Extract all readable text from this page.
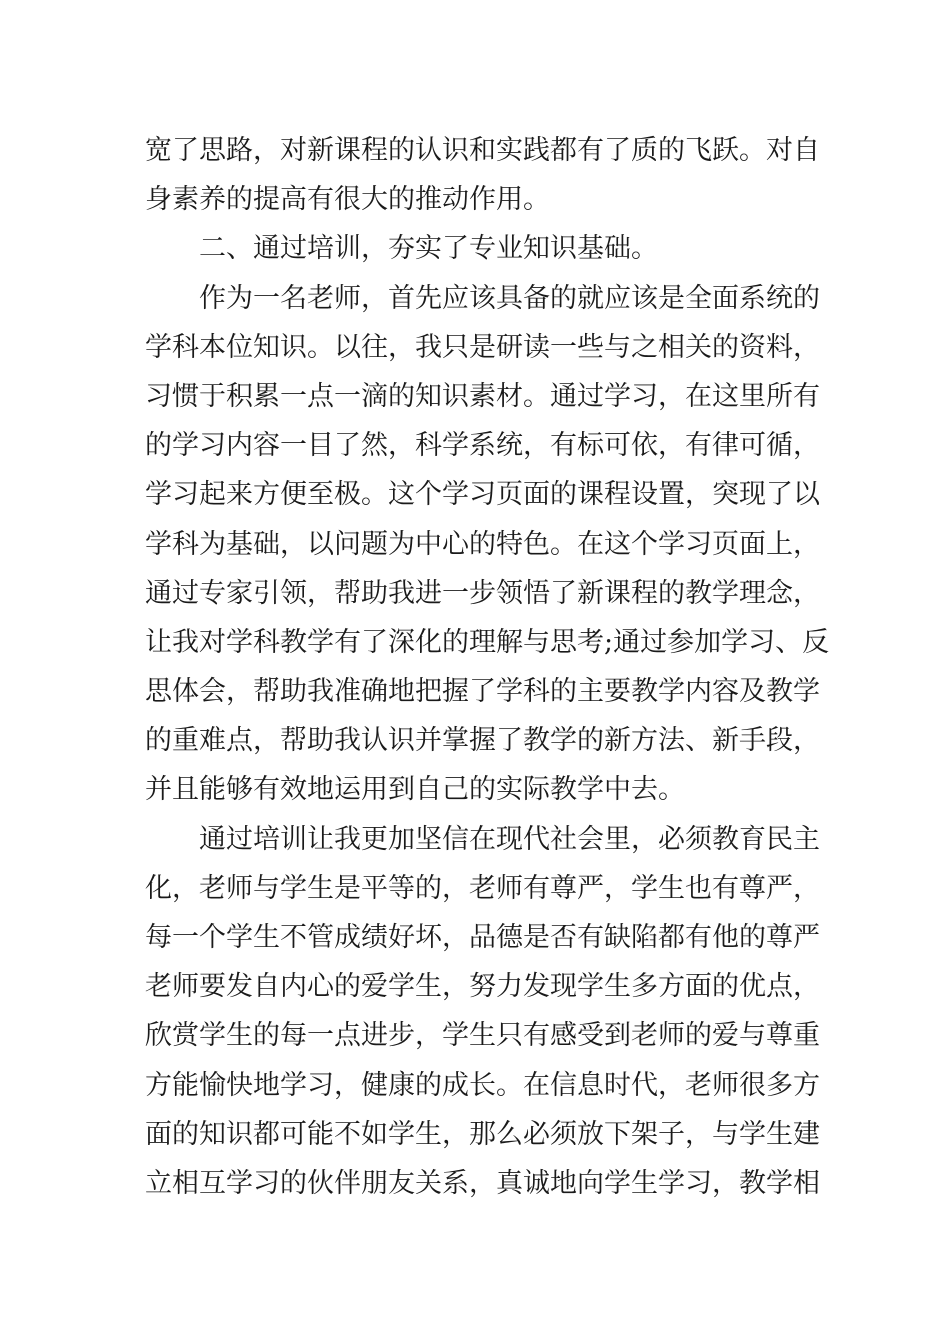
宽了思路，对新课程的认识和实践都有了质的飞跃。对自
身素养的提高有很大的推动作用。
二、通过培训，夯实了专业知识基础。
作为一名老师，首先应该具备的就应该是全面系统的
学科本位知识。以往，我只是研读一些与之相关的资料，
习惯于积累一点一滴的知识素材。通过学习，在这里所有
的学习内容一目了然，科学系统，有标可依，有律可循，
学习起来方便至极。这个学习页面的课程设置，突现了以
学科为基础，以问题为中心的特色。在这个学习页面上，
通过专家引领，帮助我进一步领悟了新课程的教学理念，
让我对学科教学有了深化的理解与思考;通过参加学习、反
思体会，帮助我准确地把握了学科的主要教学内容及教学
的重难点，帮助我认识并掌握了教学的新方法、新手段，
并且能够有效地运用到自己的实际教学中去。
通过培训让我更加坚信在现代社会里，必须教育民主
化，老师与学生是平等的，老师有尊严，学生也有尊严，
每一个学生不管成绩好坏，品德是否有缺陷都有他的尊严
老师要发自内心的爱学生，努力发现学生多方面的优点，
欣赏学生的每一点进步，学生只有感受到老师的爱与尊重
方能愉快地学习，健康的成长。在信息时代，老师很多方
面的知识都可能不如学生，那么必须放下架子，与学生建
立相互学习的伙伴朋友关系，真诚地向学生学习，教学相
